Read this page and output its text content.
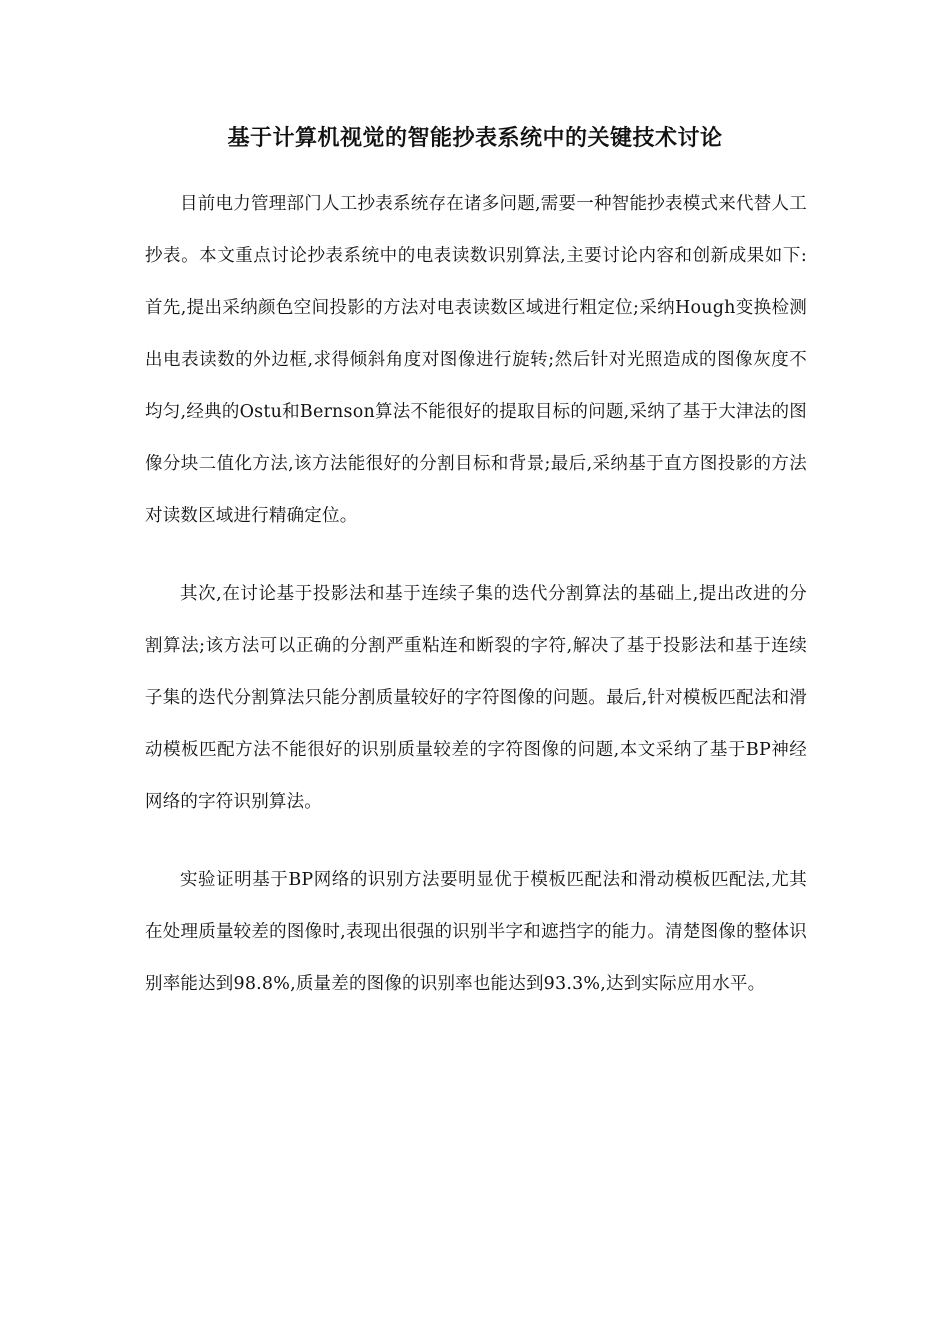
基于计算机视觉的智能抄表系统中的关键技术讨论

目前电力管理部门人工抄表系统存在诸多问题,需要一种智能抄表模式来代替人工抄表。本文重点讨论抄表系统中的电表读数识别算法,主要讨论内容和创新成果如下:首先,提出采纳颜色空间投影的方法对电表读数区域进行粗定位;采纳Hough变换检测出电表读数的外边框,求得倾斜角度对图像进行旋转;然后针对光照造成的图像灰度不均匀,经典的Ostu和Bernson算法不能很好的提取目标的问题,采纳了基于大津法的图像分块二值化方法,该方法能很好的分割目标和背景;最后,采纳基于直方图投影的方法对读数区域进行精确定位。

其次,在讨论基于投影法和基于连续子集的迭代分割算法的基础上,提出改进的分割算法;该方法可以正确的分割严重粘连和断裂的字符,解决了基于投影法和基于连续子集的迭代分割算法只能分割质量较好的字符图像的问题。最后,针对模板匹配法和滑动模板匹配方法不能很好的识别质量较差的字符图像的问题,本文采纳了基于BP神经网络的字符识别算法。

实验证明基于BP网络的识别方法要明显优于模板匹配法和滑动模板匹配法,尤其在处理质量较差的图像时,表现出很强的识别半字和遮挡字的能力。清楚图像的整体识别率能达到98.8%,质量差的图像的识别率也能达到93.3%,达到实际应用水平。
